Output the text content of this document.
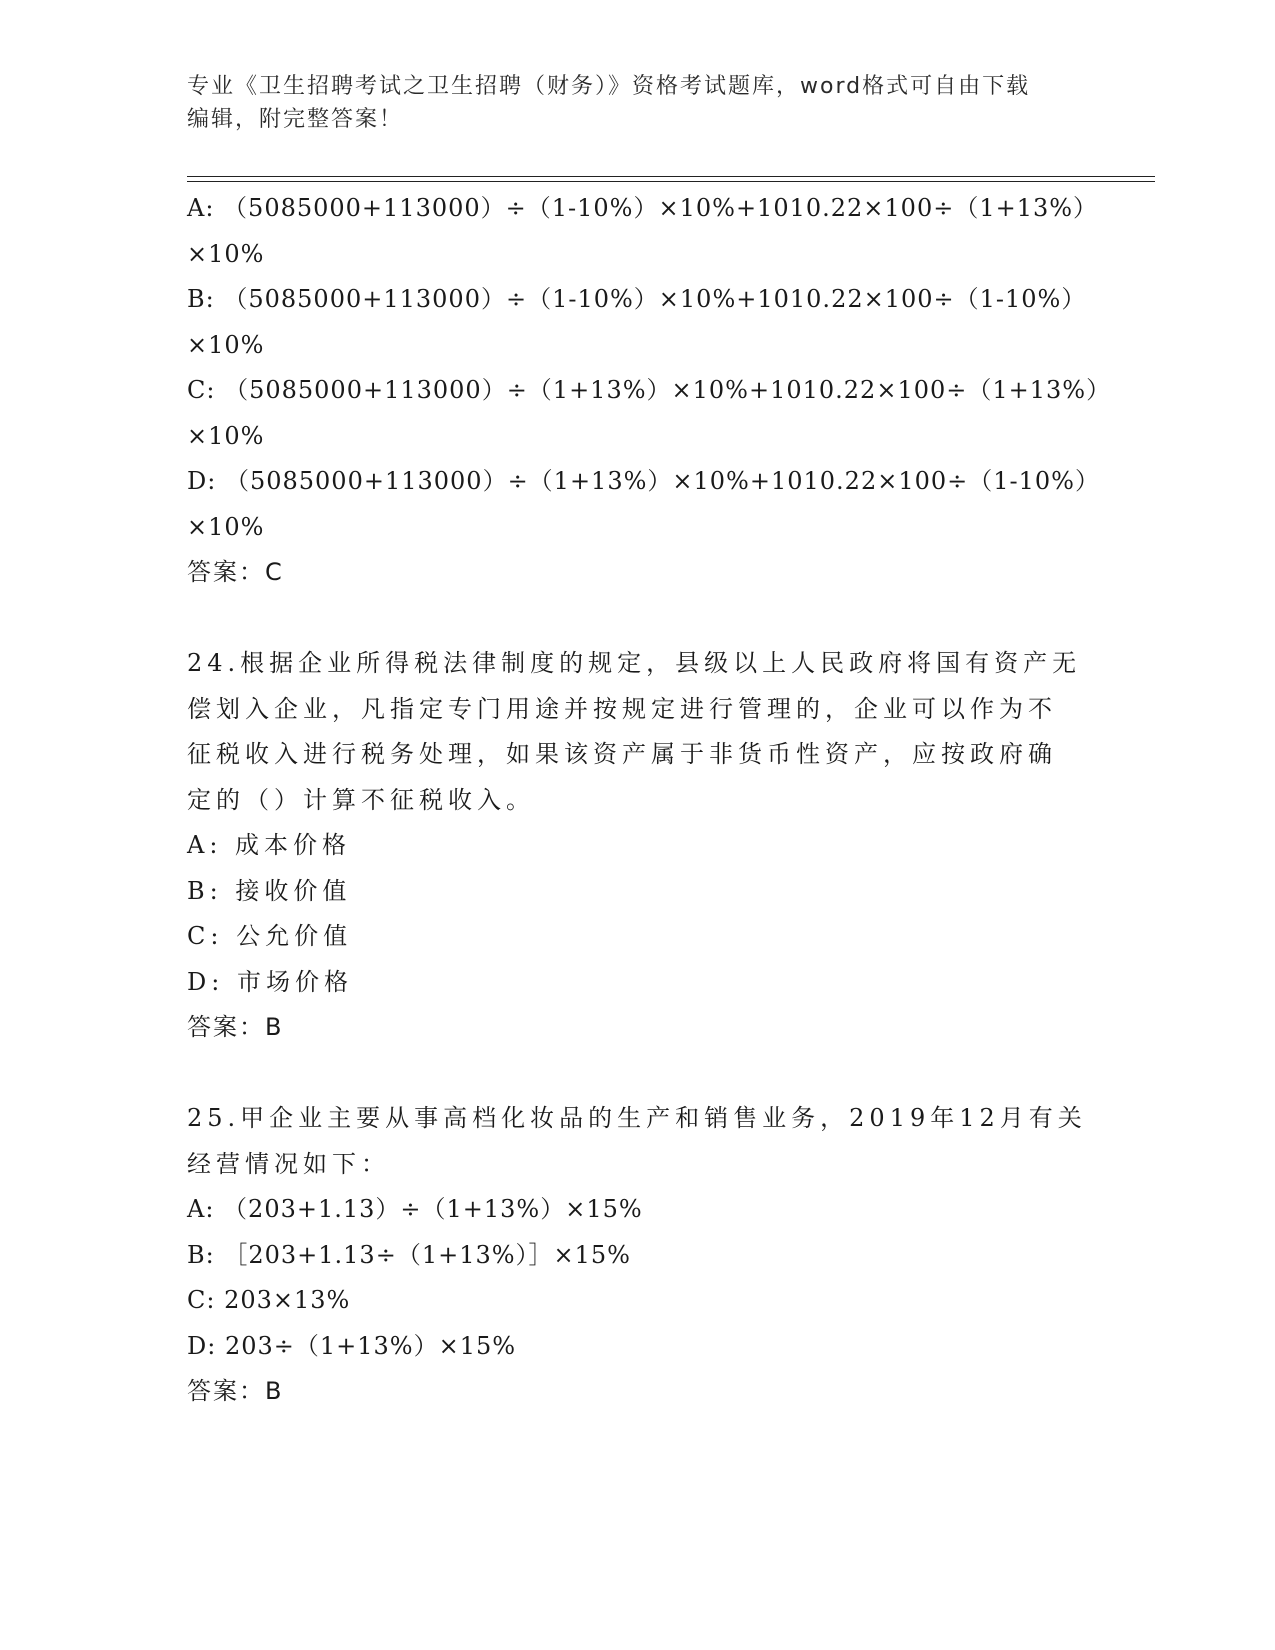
专业《卫生招聘考试之卫生招聘（财务）》资格考试题库，word格式可自由下载
编辑，附完整答案！
A: （5085000+113000）÷（1-10%）×10%+1010.22×100÷（1+13%）
×10%
B: （5085000+113000）÷（1-10%）×10%+1010.22×100÷（1-10%）
×10%
C: （5085000+113000）÷（1+13%）×10%+1010.22×100÷（1+13%）
×10%
D: （5085000+113000）÷（1+13%）×10%+1010.22×100÷（1-10%）
×10%
答案：C
24.根据企业所得税法律制度的规定，县级以上人民政府将国有资产无
偿划入企业，凡指定专门用途并按规定进行管理的，企业可以作为不
征税收入进行税务处理，如果该资产属于非货币性资产，应按政府确
定的（）计算不征税收入。
A: 成本价格
B: 接收价值
C: 公允价值
D: 市场价格
答案：B
25.甲企业主要从事高档化妆品的生产和销售业务，2019年12月有关
经营情况如下：
A: （203+1.13）÷（1+13%）×15%
B: ［203+1.13÷（1+13%）］×15%
C: 203×13%
D: 203÷（1+13%）×15%
答案：B
